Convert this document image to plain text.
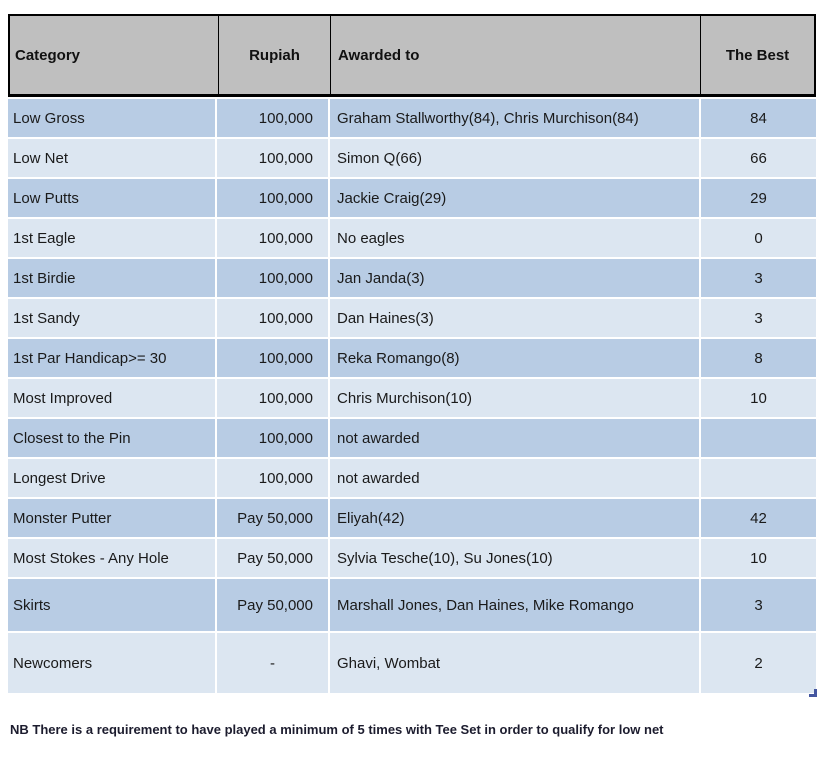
Category	Rupiah	Awarded to	The Best
Low Gross	100,000	Graham Stallworthy(84), Chris Murchison(84)	84
Low Net	100,000	Simon Q(66)	66
Low Putts	100,000	Jackie Craig(29)	29
1st Eagle	100,000	No eagles	0
1st Birdie	100,000	Jan Janda(3)	3
1st Sandy	100,000	Dan Haines(3)	3
1st Par Handicap>= 30	100,000	Reka Romango(8)	8
Most Improved	100,000	Chris Murchison(10)	10
Closest to the Pin	100,000	not awarded
Longest Drive	100,000	not awarded
Monster Putter	Pay 50,000	Eliyah(42)	42
Most Stokes - Any Hole	Pay 50,000	Sylvia Tesche(10), Su Jones(10)	10
Skirts	Pay 50,000	Marshall Jones, Dan Haines, Mike Romango	3
Newcomers	-	Ghavi, Wombat	2
NB There is a requirement to have played a minimum of 5 times with Tee Set in order to qualify for low net
